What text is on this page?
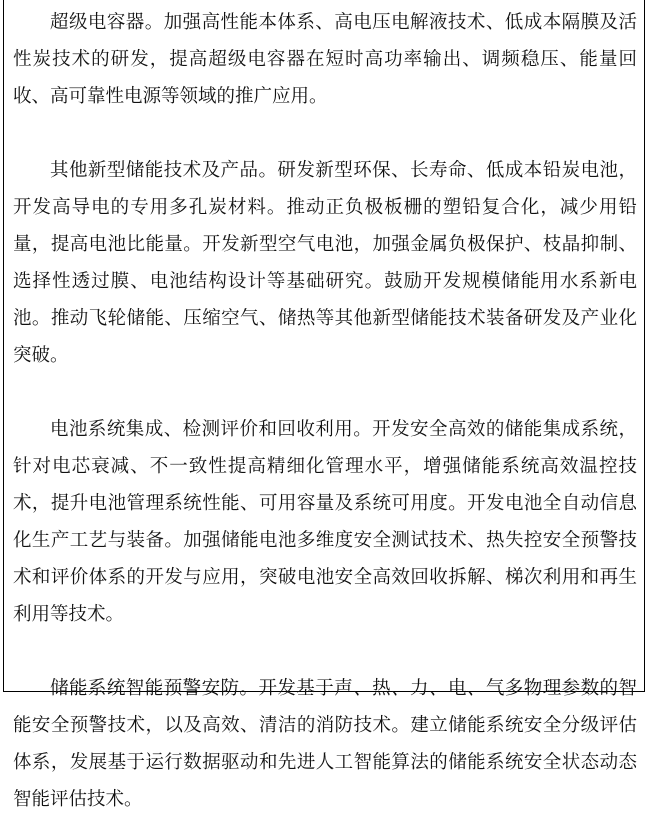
超级电容器。加强高性能本体系、高电压电解液技术、低成本隔膜及活性炭技术的研发，提高超级电容器在短时高功率输出、调频稳压、能量回收、高可靠性电源等领域的推广应用。

其他新型储能技术及产品。研发新型环保、长寿命、低成本铅炭电池，开发高导电的专用多孔炭材料。推动正负极板栅的塑铅复合化，减少用铅量，提高电池比能量。开发新型空气电池，加强金属负极保护、枝晶抑制、选择性透过膜、电池结构设计等基础研究。鼓励开发规模储能用水系新电池。推动飞轮储能、压缩空气、储热等其他新型储能技术装备研发及产业化突破。

电池系统集成、检测评价和回收利用。开发安全高效的储能集成系统，针对电芯衰减、不一致性提高精细化管理水平，增强储能系统高效温控技术，提升电池管理系统性能、可用容量及系统可用度。开发电池全自动信息化生产工艺与装备。加强储能电池多维度安全测试技术、热失控安全预警技术和评价体系的开发与应用，突破电池安全高效回收拆解、梯次利用和再生利用等技术。

储能系统智能预警安防。开发基于声、热、力、电、气多物理参数的智能安全预警技术，以及高效、清洁的消防技术。建立储能系统安全分级评估体系，发展基于运行数据驱动和先进人工智能算法的储能系统安全状态动态智能评估技术。
